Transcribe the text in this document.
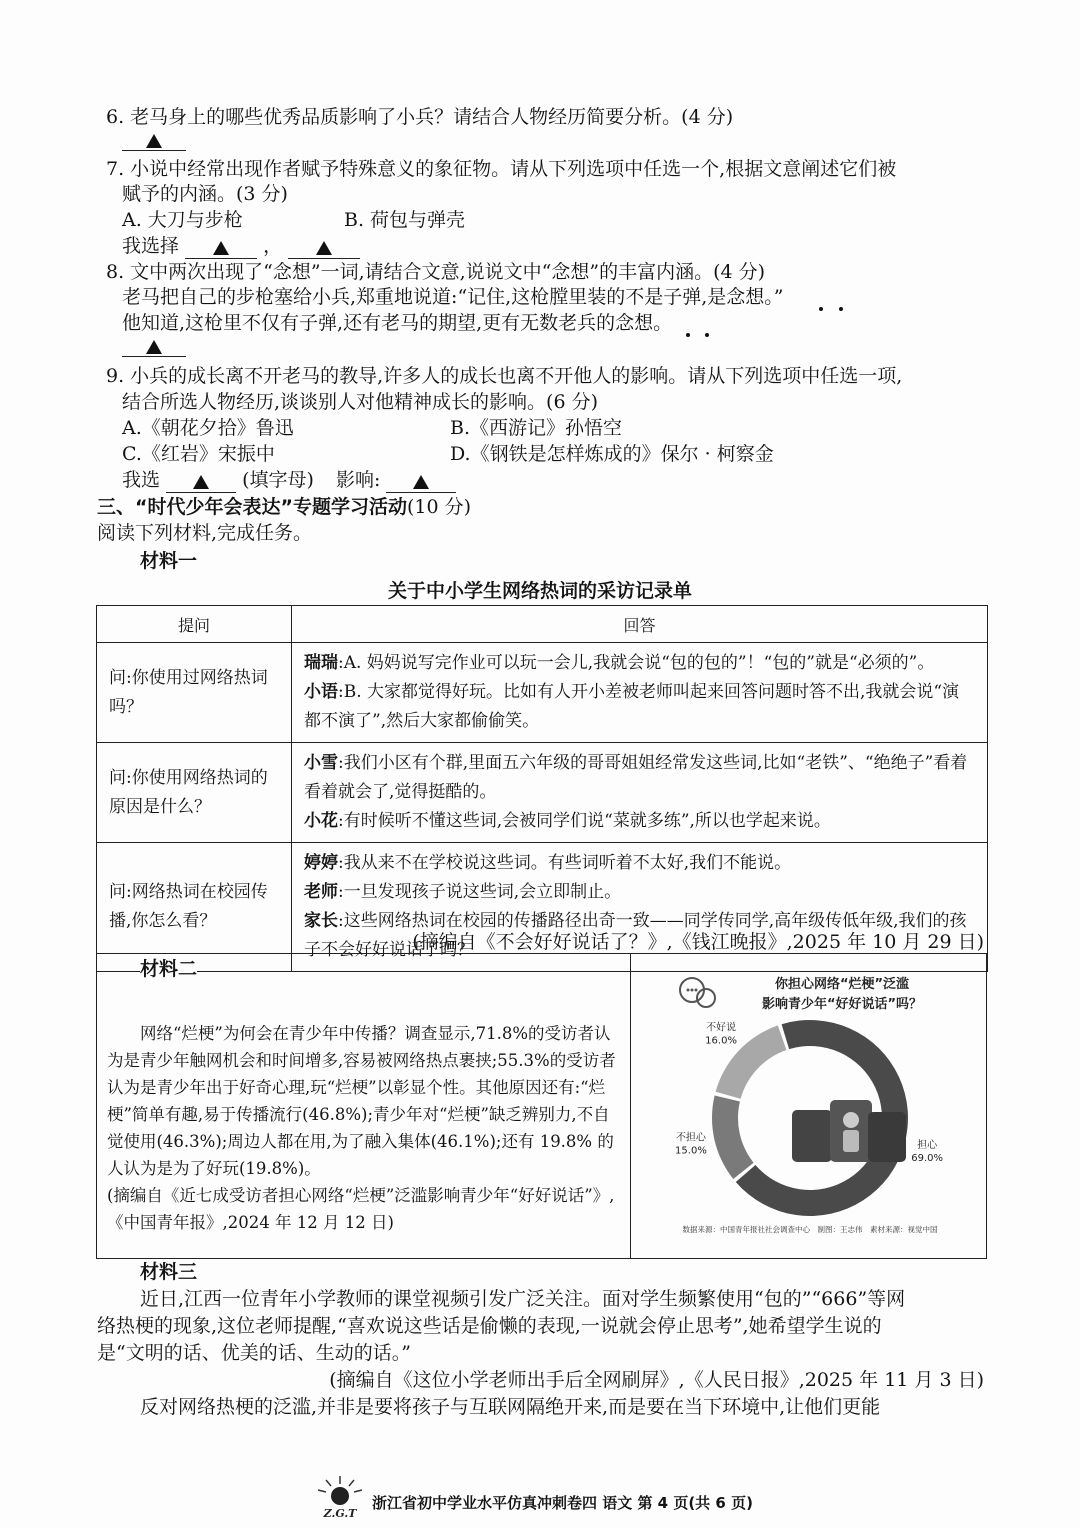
6. 老马身上的哪些优秀品质影响了小兵？请结合人物经历简要分析。(4 分)
7. 小说中经常出现作者赋予特殊意义的象征物。请从下列选项中任选一个,根据文意阐述它们被
赋予的内涵。(3 分)
A. 大刀与步枪	B. 荷包与弹壳
我选择	，
8. 文中两次出现了“念想”一词,请结合文意,说说文中“念想”的丰富内涵。(4 分)
老马把自己的步枪塞给小兵,郑重地说道:“记住,这枪膛里装的不是子弹,是念想。”
他知道,这枪里不仅有子弹,还有老马的期望,更有无数老兵的念想。
9. 小兵的成长离不开老马的教导,许多人的成长也离不开他人的影响。请从下列选项中任选一项,
结合所选人物经历,谈谈别人对他精神成长的影响。(6 分)
A.《朝花夕拾》鲁迅	B.《西游记》孙悟空
C.《红岩》宋振中	D.《钢铁是怎样炼成的》保尔 · 柯察金
我选	(填字母) 影响:
三、“时代少年会表达”专题学习活动(10 分)
阅读下列材料,完成任务。
材料一
关于中小学生网络热词的采访记录单
提问	回答
问:你使用过网络热词吗？	瑞瑞:A. 妈妈说写完作业可以玩一会儿,我就会说“包的包的”！“包的”就是“必须的”。
小语:B. 大家都觉得好玩。比如有人开小差被老师叫起来回答问题时答不出,我就会说“演都不演了”,然后大家都偷偷笑。

问:你使用网络热词的原因是什么？	小雪:我们小区有个群,里面五六年级的哥哥姐姐经常发这些词,比如“老铁”、“绝绝子”看着看着就会了,觉得挺酷的。
小花:有时候听不懂这些词,会被同学们说“菜就多练”,所以也学起来说。

问:网络热词在校园传播,你怎么看？	婷婷:我从来不在学校说这些词。有些词听着不太好,我们不能说。
老师:一旦发现孩子说这些词,会立即制止。
家长:这些网络热词在校园的传播路径出奇一致——同学传同学,高年级传低年级,我们的孩子不会好好说话了吗？
(摘编自《不会好好说话了？》,《钱江晚报》,2025 年 10 月 29 日)
材料二
网络“烂梗”为何会在青少年中传播？调查显示,71.8%的受访者认为是青少年触网机会和时间增多,容易被网络热点裹挟;55.3%的受访者认为是青少年出于好奇心理,玩“烂梗”以彰显个性。其他原因还有:“烂梗”简单有趣,易于传播流行(46.8%);青少年对“烂梗”缺乏辨别力,不自觉使用(46.3%);周边人都在用,为了融入集体(46.1%);还有 19.8% 的人认为是为了好玩(19.8%)。
(摘编自《近七成受访者担心网络“烂梗”泛滥影响青少年“好好说话”》,《中国青年报》,2024 年 12 月 12 日)
你担心网络“烂梗”泛滥
影响青少年“好好说话”吗？
担心
69.0%
不担心
15.0%
不好说
16.0%
数据来源：中国青年报社社会调查中心　制图：王志伟　素材来源：视觉中国
材料三
近日,江西一位青年小学教师的课堂视频引发广泛关注。面对学生频繁使用“包的”“666”等网
络热梗的现象,这位老师提醒,“喜欢说这些话是偷懒的表现,一说就会停止思考”,她希望学生说的
是“文明的话、优美的话、生动的话。”
(摘编自《这位小学老师出手后全网刷屏》,《人民日报》,2025 年 11 月 3 日)
反对网络热梗的泛滥,并非是要将孩子与互联网隔绝开来,而是要在当下环境中,让他们更能
Z.G.T
浙江省初中学业水平仿真冲刺卷四 语文 第 4 页(共 6 页)
